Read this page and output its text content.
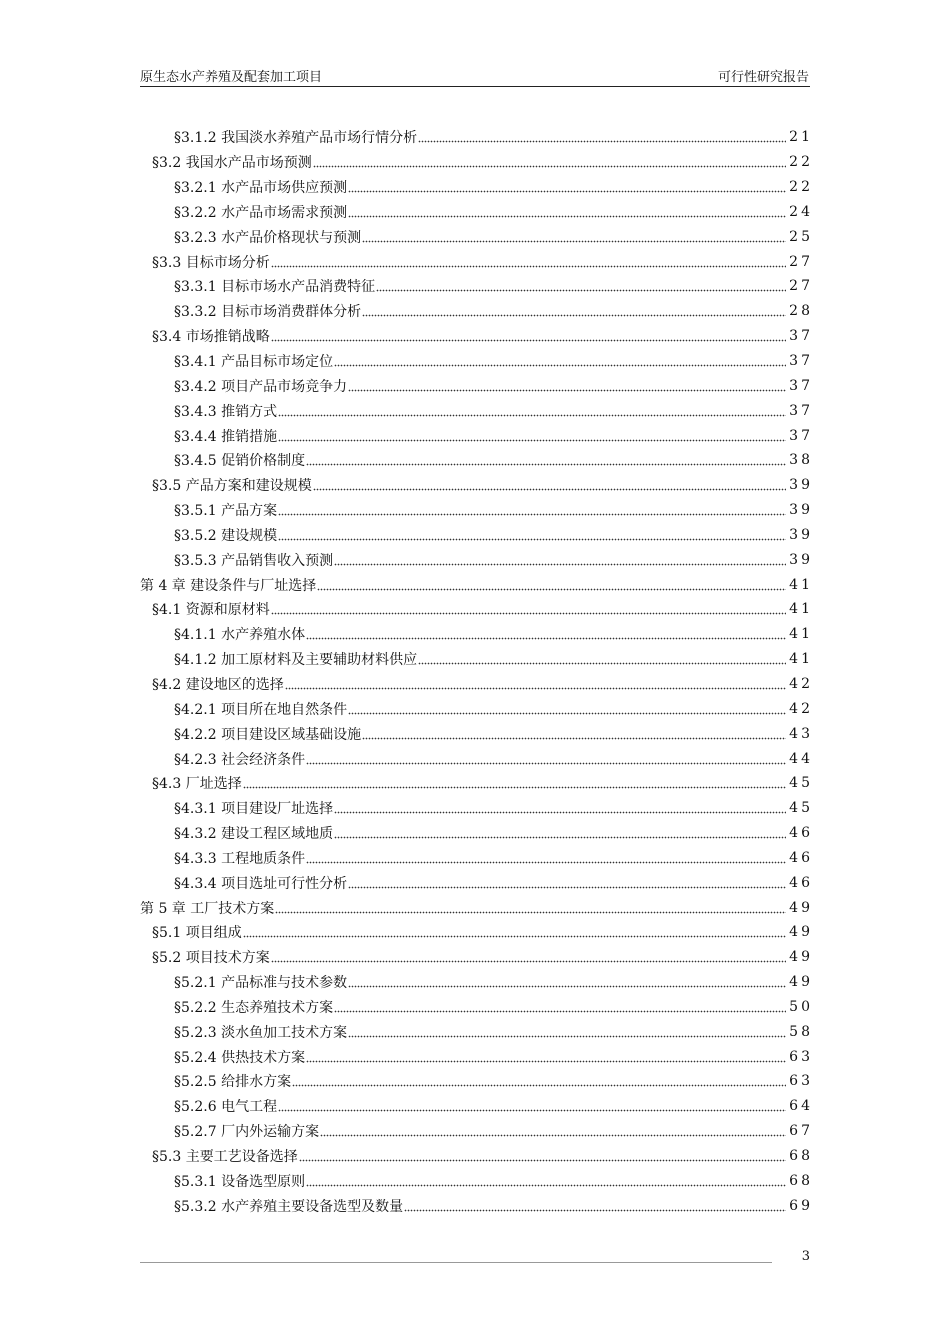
原生态水产养殖及配套加工项目	可行性研究报告
§3.1.2 我国淡水养殖产品市场行情分析	21
§3.2 我国水产品市场预测	22
§3.2.1 水产品市场供应预测	22
§3.2.2 水产品市场需求预测	24
§3.2.3 水产品价格现状与预测	25
§3.3 目标市场分析	27
§3.3.1 目标市场水产品消费特征	27
§3.3.2 目标市场消费群体分析	28
§3.4 市场推销战略	37
§3.4.1 产品目标市场定位	37
§3.4.2 项目产品市场竞争力	37
§3.4.3 推销方式	37
§3.4.4 推销措施	37
§3.4.5 促销价格制度	38
§3.5 产品方案和建设规模	39
§3.5.1 产品方案	39
§3.5.2 建设规模	39
§3.5.3 产品销售收入预测	39
第 4 章 建设条件与厂址选择	41
§4.1 资源和原材料	41
§4.1.1 水产养殖水体	41
§4.1.2 加工原材料及主要辅助材料供应	41
§4.2 建设地区的选择	42
§4.2.1 项目所在地自然条件	42
§4.2.2 项目建设区域基础设施	43
§4.2.3 社会经济条件	44
§4.3 厂址选择	45
§4.3.1 项目建设厂址选择	45
§4.3.2 建设工程区域地质	46
§4.3.3 工程地质条件	46
§4.3.4 项目选址可行性分析	46
第 5 章 工厂技术方案	49
§5.1 项目组成	49
§5.2 项目技术方案	49
§5.2.1 产品标准与技术参数	49
§5.2.2 生态养殖技术方案	50
§5.2.3 淡水鱼加工技术方案	58
§5.2.4 供热技术方案	63
§5.2.5 给排水方案	63
§5.2.6 电气工程	64
§5.2.7 厂内外运输方案	67
§5.3 主要工艺设备选择	68
§5.3.1 设备选型原则	68
§5.3.2 水产养殖主要设备选型及数量	69
3
